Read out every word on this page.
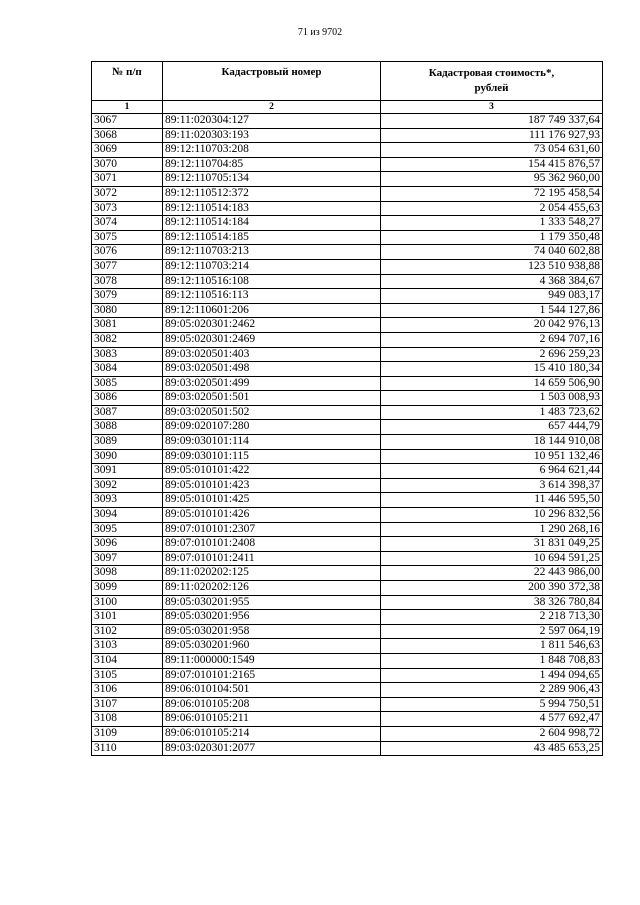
71 из 9702
№ п/п	Кадастровый номер	Кадастровая стоимость*,
рублей

1	2	3
3067	89:11:020304:127	187 749 337,64
3068	89:11:020303:193	111 176 927,93
3069	89:12:110703:208	73 054 631,60
3070	89:12:110704:85	154 415 876,57
3071	89:12:110705:134	95 362 960,00
3072	89:12:110512:372	72 195 458,54
3073	89:12:110514:183	2 054 455,63
3074	89:12:110514:184	1 333 548,27
3075	89:12:110514:185	1 179 350,48
3076	89:12:110703:213	74 040 602,88
3077	89:12:110703:214	123 510 938,88
3078	89:12:110516:108	4 368 384,67
3079	89:12:110516:113	949 083,17
3080	89:12:110601:206	1 544 127,86
3081	89:05:020301:2462	20 042 976,13
3082	89:05:020301:2469	2 694 707,16
3083	89:03:020501:403	2 696 259,23
3084	89:03:020501:498	15 410 180,34
3085	89:03:020501:499	14 659 506,90
3086	89:03:020501:501	1 503 008,93
3087	89:03:020501:502	1 483 723,62
3088	89:09:020107:280	657 444,79
3089	89:09:030101:114	18 144 910,08
3090	89:09:030101:115	10 951 132,46
3091	89:05:010101:422	6 964 621,44
3092	89:05:010101:423	3 614 398,37
3093	89:05:010101:425	11 446 595,50
3094	89:05:010101:426	10 296 832,56
3095	89:07:010101:2307	1 290 268,16
3096	89:07:010101:2408	31 831 049,25
3097	89:07:010101:2411	10 694 591,25
3098	89:11:020202:125	22 443 986,00
3099	89:11:020202:126	200 390 372,38
3100	89:05:030201:955	38 326 780,84
3101	89:05:030201:956	2 218 713,30
3102	89:05:030201:958	2 597 064,19
3103	89:05:030201:960	1 811 546,63
3104	89:11:000000:1549	1 848 708,83
3105	89:07:010101:2165	1 494 094,65
3106	89:06:010104:501	2 289 906,43
3107	89:06:010105:208	5 994 750,51
3108	89:06:010105:211	4 577 692,47
3109	89:06:010105:214	2 604 998,72
3110	89:03:020301:2077	43 485 653,25
